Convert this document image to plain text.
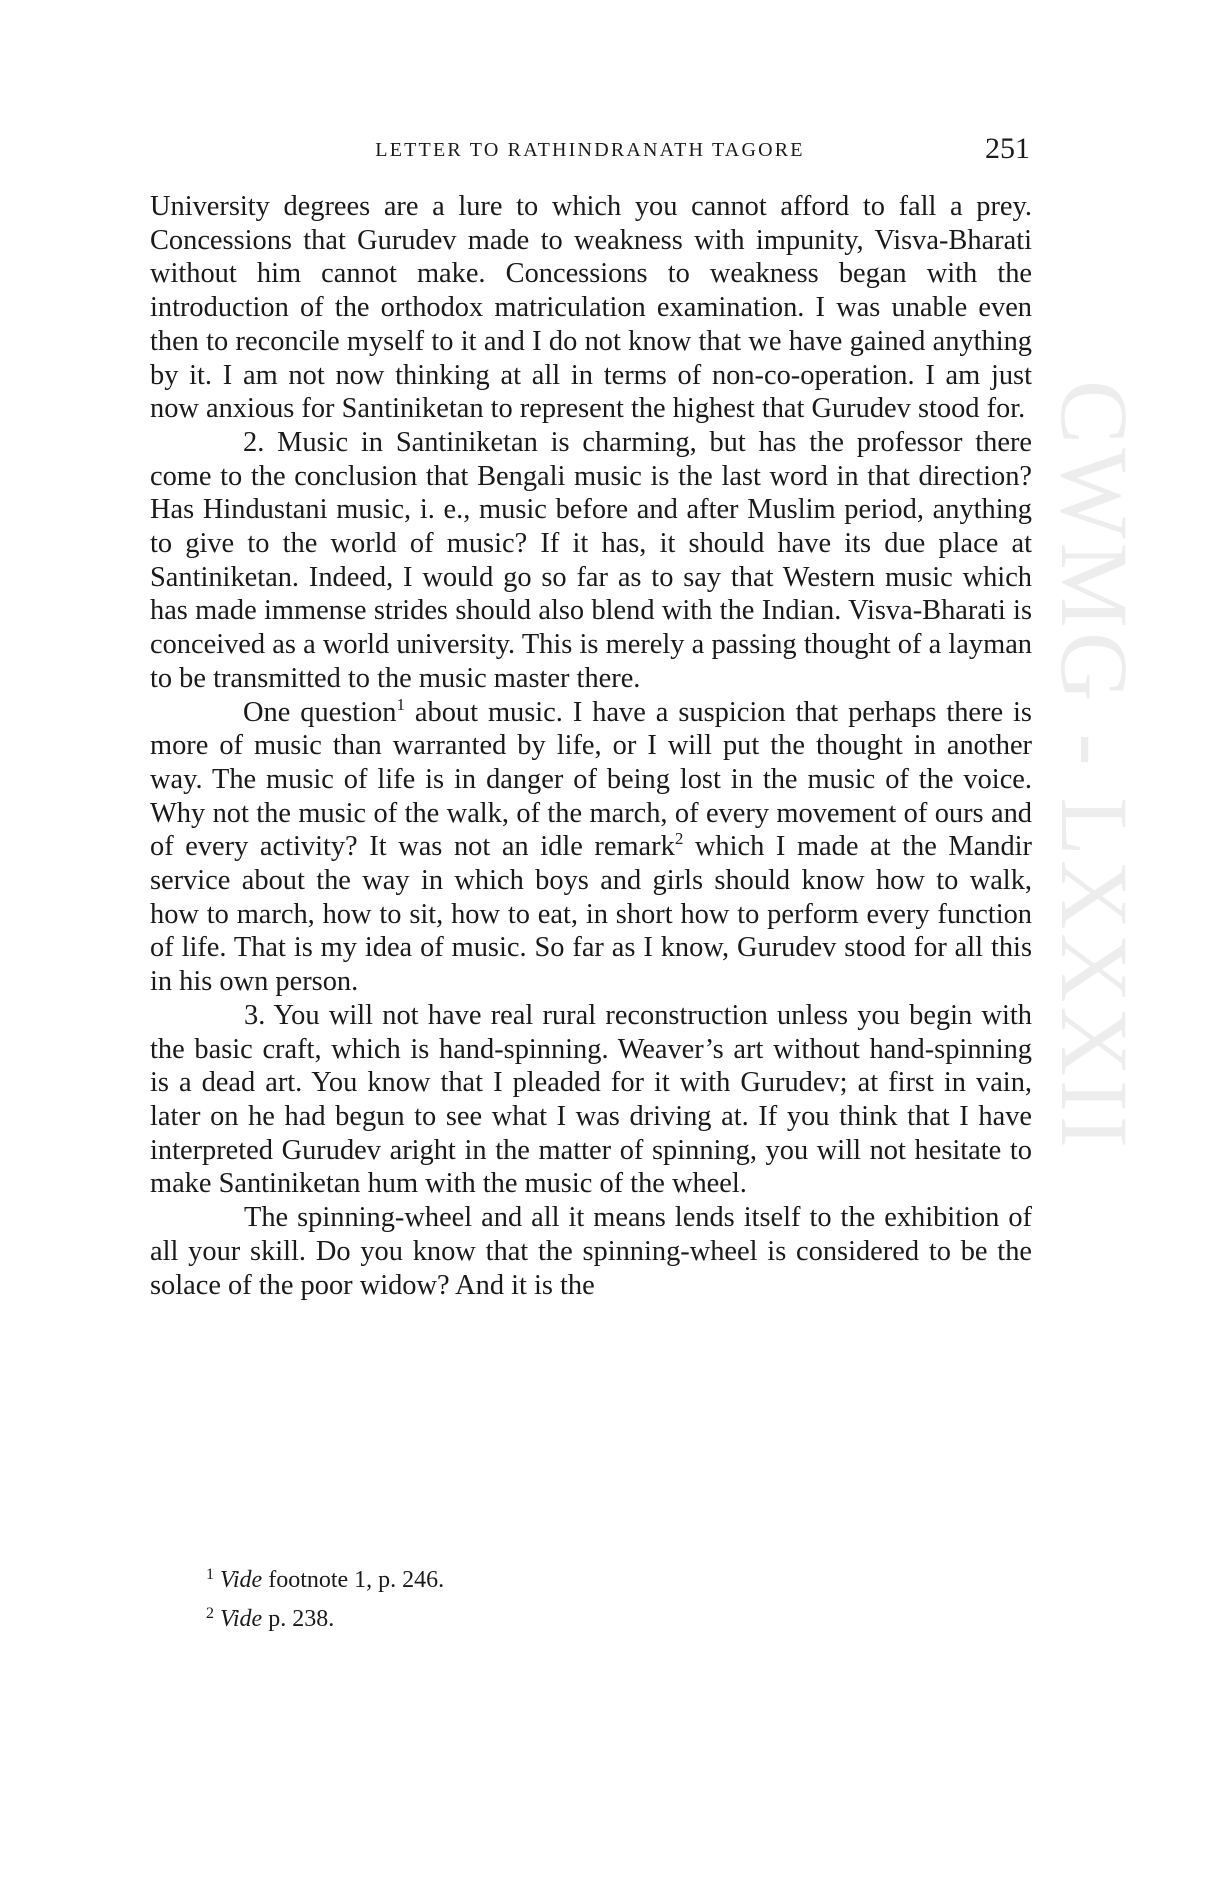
CWMG - LXXXII
LETTER TO RATHINDRANATH TAGORE	251

University degrees are a lure to which you cannot afford to fall a prey. Concessions that Gurudev made to weakness with impunity, Visva-Bharati without him cannot make. Concessions to weakness began with the introduction of the orthodox matriculation examination. I was unable even then to reconcile myself to it and I do not know that we have gained anything by it. I am not now thinking at all in terms of non-co-operation. I am just now anxious for Santiniketan to represent the highest that Gurudev stood for.

2. Music in Santiniketan is charming, but has the professor there come to the conclusion that Bengali music is the last word in that direction? Has Hindustani music, i. e., music before and after Muslim period, anything to give to the world of music? If it has, it should have its due place at Santiniketan. Indeed, I would go so far as to say that Western music which has made immense strides should also blend with the Indian. Visva-Bharati is conceived as a world university. This is merely a passing thought of a layman to be transmitted to the music master there.

One question$^1$ about music. I have a suspicion that perhaps there is more of music than warranted by life, or I will put the thought in another way. The music of life is in danger of being lost in the music of the voice. Why not the music of the walk, of the march, of every movement of ours and of every activity? It was not an idle remark$^2$ which I made at the Mandir service about the way in which boys and girls should know how to walk, how to march, how to sit, how to eat, in short how to perform every function of life. That is my idea of music. So far as I know, Gurudev stood for all this in his own person.

3. You will not have real rural reconstruction unless you begin with the basic craft, which is hand-spinning. Weaver’s art without hand-spinning is a dead art. You know that I pleaded for it with Gurudev; at first in vain, later on he had begun to see what I was driving at. If you think that I have interpreted Gurudev aright in the matter of spinning, you will not hesitate to make Santiniketan hum with the music of the wheel.

The spinning-wheel and all it means lends itself to the exhibition of all your skill. Do you know that the spinning-wheel is considered to be the solace of the poor widow? And it is the

$^1$ Vide footnote 1, p. 246.
$^2$ Vide p. 238.
